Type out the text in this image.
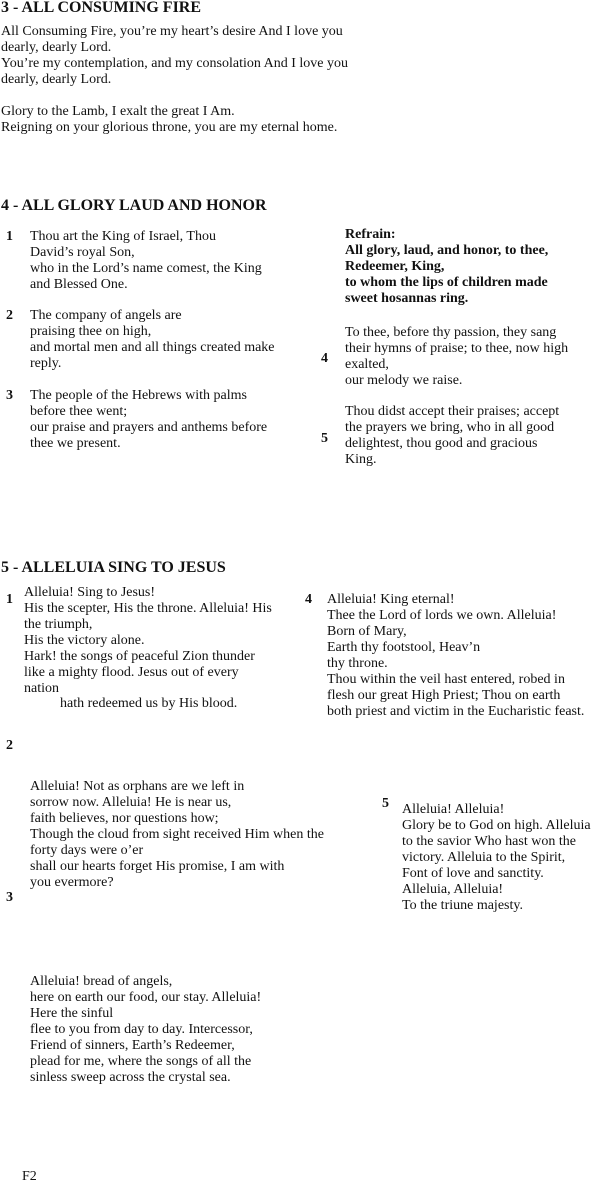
3 - ALL CONSUMING FIRE
All Consuming Fire, you’re my heart’s desire And I love you
dearly, dearly Lord.
You’re my contemplation, and my consolation And I love you
dearly, dearly Lord.
Glory to the Lamb, I exalt the great I Am.
Reigning on your glorious throne, you are my eternal home.
4 - ALL GLORY LAUD AND HONOR
1 Thou art the King of Israel, Thou
David’s royal Son,
who in the Lord’s name comest, the King
and Blessed One.
2 The company of angels are
praising thee on high,
and mortal men and all things created make
reply.
3 The people of the Hebrews with palms
before thee went;
our praise and prayers and anthems before
thee we present.
Refrain:
All glory, laud, and honor, to thee,
Redeemer, King,
to whom the lips of children made
sweet hosannas ring.
4
To thee, before thy passion, they sang
their hymns of praise; to thee, now high
exalted,
our melody we raise.
5
Thou didst accept their praises; accept
the prayers we bring, who in all good
delightest, thou good and gracious
King.
5 - ALLELUIA SING TO JESUS
1 Alleluia! Sing to Jesus!
His the scepter, His the throne. Alleluia! His
the triumph,
His the victory alone.
Hark! the songs of peaceful Zion thunder
like a mighty flood. Jesus out of every
nation
hath redeemed us by His blood.
2
Alleluia! Not as orphans are we left in
sorrow now. Alleluia! He is near us,
faith believes, nor questions how;
Though the cloud from sight received Him when the
forty days were o’er
shall our hearts forget His promise, I am with
you evermore?
3
Alleluia! bread of angels,
here on earth our food, our stay. Alleluia!
Here the sinful
flee to you from day to day. Intercessor,
Friend of sinners, Earth’s Redeemer,
plead for me, where the songs of all the
sinless sweep across the crystal sea.
4 Alleluia! King eternal!
Thee the Lord of lords we own. Alleluia!
Born of Mary,
Earth thy footstool, Heav’n
thy throne.
Thou within the veil hast entered, robed in
flesh our great High Priest; Thou on earth
both priest and victim in the Eucharistic feast.
5 Alleluia! Alleluia!
Glory be to God on high. Alleluia
to the savior Who hast won the
victory. Alleluia to the Spirit,
Font of love and sanctity.
Alleluia, Alleluia!
To the triune majesty.
F2
